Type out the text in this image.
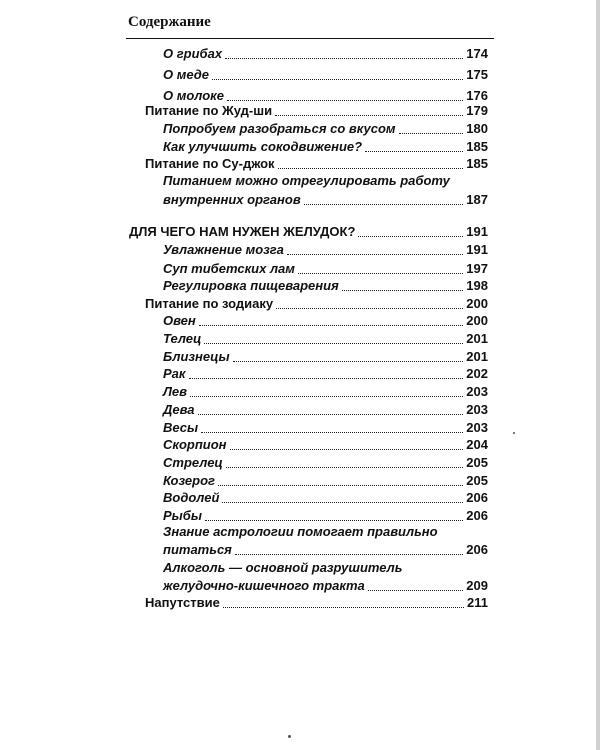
Содержание
О грибах	174
О меде	175
О молоке	176
Питание по Жуд-ши	179
Попробуем разобраться со вкусом	180
Как улучшить сокодвижение?	185
Питание по Су-джок	185
Питанием можно отрегулировать работу
внутренних органов	187
ДЛЯ ЧЕГО НАМ НУЖЕН ЖЕЛУДОК?	191
Увлажнение мозга	191
Суп тибетских лам	197
Регулировка пищеварения	198
Питание по зодиаку	200
Овен	200
Телец	201
Близнецы	201
Рак	202
Лев	203
Дева	203
Весы	203
Скорпион	204
Стрелец	205
Козерог	205
Водолей	206
Рыбы	206
Знание астрологии помогает правильно
питаться	206
Алкоголь — основной разрушитель
желудочно-кишечного тракта	209
Напутствие	211
